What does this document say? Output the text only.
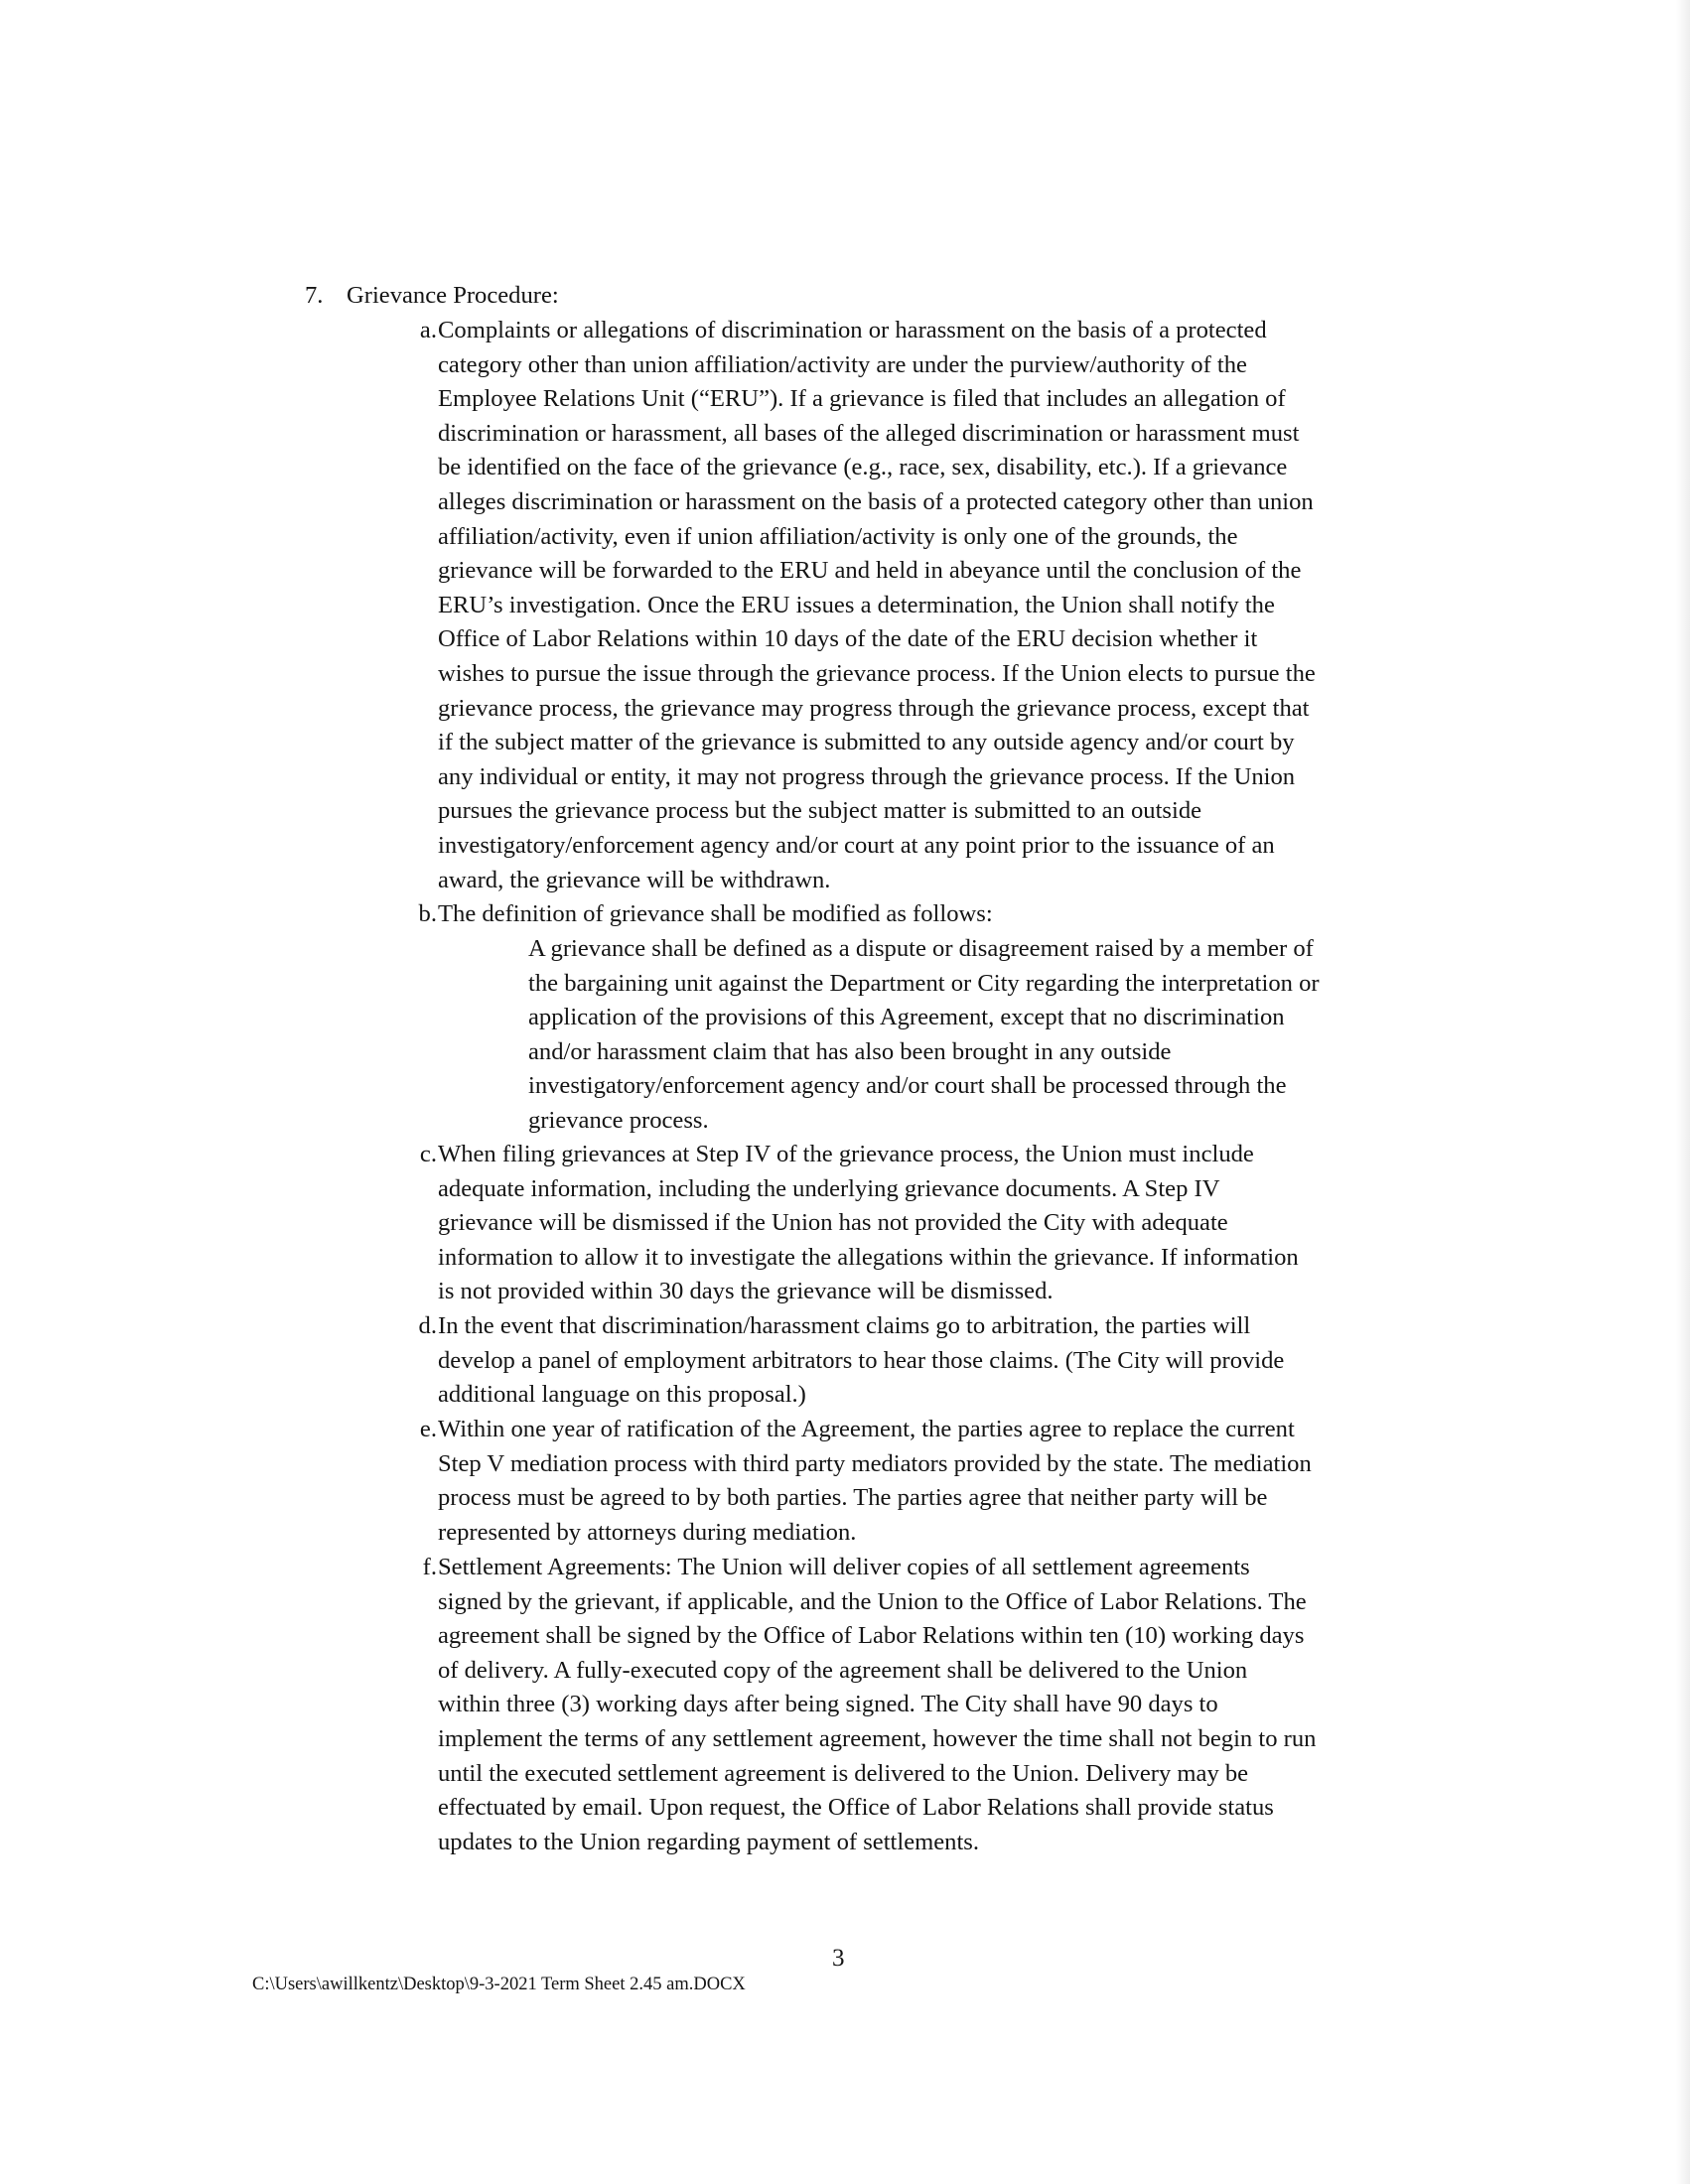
7. Grievance Procedure:
a. Complaints or allegations of discrimination or harassment on the basis of a protected
category other than union affiliation/activity are under the purview/authority of the
Employee Relations Unit (“ERU”). If a grievance is filed that includes an allegation of
discrimination or harassment, all bases of the alleged discrimination or harassment must
be identified on the face of the grievance (e.g., race, sex, disability, etc.). If a grievance
alleges discrimination or harassment on the basis of a protected category other than union
affiliation/activity, even if union affiliation/activity is only one of the grounds, the
grievance will be forwarded to the ERU and held in abeyance until the conclusion of the
ERU’s investigation. Once the ERU issues a determination, the Union shall notify the
Office of Labor Relations within 10 days of the date of the ERU decision whether it
wishes to pursue the issue through the grievance process. If the Union elects to pursue the
grievance process, the grievance may progress through the grievance process, except that
if the subject matter of the grievance is submitted to any outside agency and/or court by
any individual or entity, it may not progress through the grievance process. If the Union
pursues the grievance process but the subject matter is submitted to an outside
investigatory/enforcement agency and/or court at any point prior to the issuance of an
award, the grievance will be withdrawn.
b. The definition of grievance shall be modified as follows:
A grievance shall be defined as a dispute or disagreement raised by a member of
the bargaining unit against the Department or City regarding the interpretation or
application of the provisions of this Agreement, except that no discrimination
and/or harassment claim that has also been brought in any outside
investigatory/enforcement agency and/or court shall be processed through the
grievance process.
c. When filing grievances at Step IV of the grievance process, the Union must include
adequate information, including the underlying grievance documents. A Step IV
grievance will be dismissed if the Union has not provided the City with adequate
information to allow it to investigate the allegations within the grievance. If information
is not provided within 30 days the grievance will be dismissed.
d. In the event that discrimination/harassment claims go to arbitration, the parties will
develop a panel of employment arbitrators to hear those claims. (The City will provide
additional language on this proposal.)
e. Within one year of ratification of the Agreement, the parties agree to replace the current
Step V mediation process with third party mediators provided by the state. The mediation
process must be agreed to by both parties. The parties agree that neither party will be
represented by attorneys during mediation.
f. Settlement Agreements: The Union will deliver copies of all settlement agreements
signed by the grievant, if applicable, and the Union to the Office of Labor Relations. The
agreement shall be signed by the Office of Labor Relations within ten (10) working days
of delivery. A fully-executed copy of the agreement shall be delivered to the Union
within three (3) working days after being signed. The City shall have 90 days to
implement the terms of any settlement agreement, however the time shall not begin to run
until the executed settlement agreement is delivered to the Union. Delivery may be
effectuated by email. Upon request, the Office of Labor Relations shall provide status
updates to the Union regarding payment of settlements.
3
C:\Users\awillkentz\Desktop\9-3-2021 Term Sheet 2.45 am.DOCX
